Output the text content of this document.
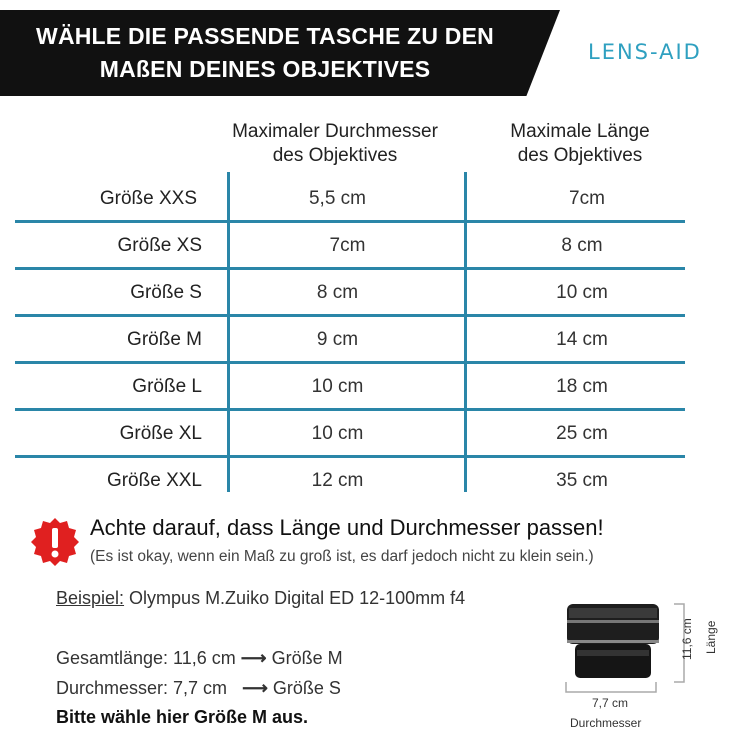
WÄHLE DIE PASSENDE TASCHE ZU DEN
MAßEN DEINES OBJEKTIVES
LENS-AID
Maximaler Durchmesser
des Objektives
Maximale Länge
des Objektives
Größe XXS	5,5 cm	7cm
Größe XS	7cm	8 cm
Größe S	8 cm	10 cm
Größe M	9 cm	14 cm
Größe L	10 cm	18 cm
Größe XL	10 cm	25 cm
Größe XXL	12 cm	35 cm
Achte darauf, dass Länge und Durchmesser passen!
(Es ist okay, wenn ein Maß zu groß ist, es darf jedoch nicht zu klein sein.)
Beispiel: Olympus M.Zuiko Digital ED 12-100mm f4
Gesamtlänge: 11,6 cm ⟶ Größe M
Durchmesser: 7,7 cm ⟶ Größe S
Bitte wähle hier Größe M aus.
11,6 cm Länge
7,7 cm
Durchmesser
